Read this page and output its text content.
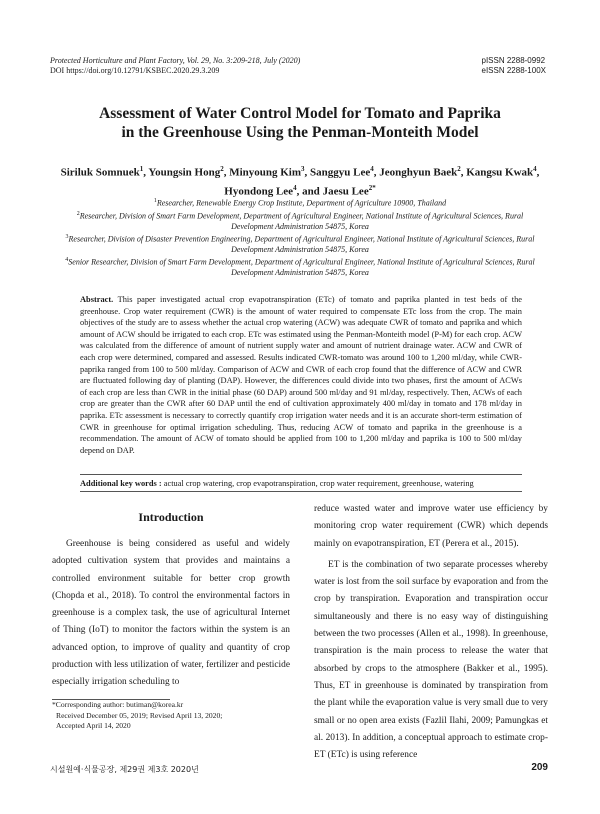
Protected Horticulture and Plant Factory, Vol. 29, No. 3:209-218, July (2020)
DOI https://doi.org/10.12791/KSBEC.2020.29.3.209
pISSN 2288-0992
eISSN 2288-100X
Assessment of Water Control Model for Tomato and Paprika
in the Greenhouse Using the Penman-Monteith Model
Siriluk Somnuek$^1$, Youngsin Hong$^2$, Minyoung Kim$^3$, Sanggyu Lee$^4$, Jeonghyun Baek$^2$, Kangsu Kwak$^4$, Hyondong Lee$^4$, and Jaesu Lee$^{2*}$

$^1$Researcher, Renewable Energy Crop Institute, Department of Agriculture 10900, Thailand

$^2$Researcher, Division of Smart Farm Development, Department of Agricultural Engineer, National Institute of Agricultural Sciences, Rural Development Administration 54875, Korea

$^3$Researcher, Division of Disaster Prevention Engineering, Department of Agricultural Engineer, National Institute of Agricultural Sciences, Rural Development Administration 54875, Korea

$^4$Senior Researcher, Division of Smart Farm Development, Department of Agricultural Engineer, National Institute of Agricultural Sciences, Rural Development Administration 54875, Korea

Abstract. This paper investigated actual crop evapotranspiration (ETc) of tomato and paprika planted in test beds of the greenhouse. Crop water requirement (CWR) is the amount of water required to compensate ETc loss from the crop. The main objectives of the study are to assess whether the actual crop watering (ACW) was adequate CWR of tomato and paprika and which amount of ACW should be irrigated to each crop. ETc was estimated using the Penman-Monteith model (P-M) for each crop. ACW was calculated from the difference of amount of nutrient supply water and amount of nutrient drainage water. ACW and CWR of each crop were determined, compared and assessed. Results indicated CWR-tomato was around 100 to 1,200 ml/day, while CWR-paprika ranged from 100 to 500 ml/day. Comparison of ACW and CWR of each crop found that the difference of ACW and CWR are fluctuated following day of planting (DAP). However, the differences could divide into two phases, first the amount of ACWs of each crop are less than CWR in the initial phase (60 DAP) around 500 ml/day and 91 ml/day, respectively. Then, ACWs of each crop are greater than the CWR after 60 DAP until the end of cultivation approximately 400 ml/day in tomato and 178 ml/day in paprika. ETc assessment is necessary to correctly quantify crop irrigation water needs and it is an accurate short-term estimation of CWR in greenhouse for optimal irrigation scheduling. Thus, reducing ACW of tomato and paprika in the greenhouse is a recommendation. The amount of ACW of tomato should be applied from 100 to 1,200 ml/day and paprika is 100 to 500 ml/day depend on DAP.
Additional key words : actual crop watering, crop evapotranspiration, crop water requirement, greenhouse, watering
Introduction

Greenhouse is being considered as useful and widely adopted cultivation system that provides and maintains a controlled environment suitable for better crop growth (Chopda et al., 2018). To control the environmental factors in greenhouse is a complex task, the use of agricultural Internet of Thing (IoT) to monitor the factors within the system is an advanced option, to improve of quality and quantity of crop production with less utilization of water, fertilizer and pesticide especially irrigation scheduling to

reduce wasted water and improve water use efficiency by monitoring crop water requirement (CWR) which depends mainly on evapotranspiration, ET (Perera et al., 2015).

ET is the combination of two separate processes whereby water is lost from the soil surface by evaporation and from the crop by transpiration. Evaporation and transpiration occur simultaneously and there is no easy way of distinguishing between the two processes (Allen et al., 1998). In greenhouse, transpiration is the main process to release the water that absorbed by crops to the atmosphere (Bakker et al., 1995). Thus, ET in greenhouse is dominated by transpiration from the plant while the evaporation value is very small due to very small or no open area exists (Fazlil Ilahi, 2009; Pamungkas et al. 2013). In addition, a conceptual approach to estimate crop-ET (ETc) is using reference

*Corresponding author: butiman@korea.kr
Received December 05, 2019; Revised April 13, 2020;
Accepted April 14, 2020
시설원예·식물공장, 제29권 제3호 2020년	209
